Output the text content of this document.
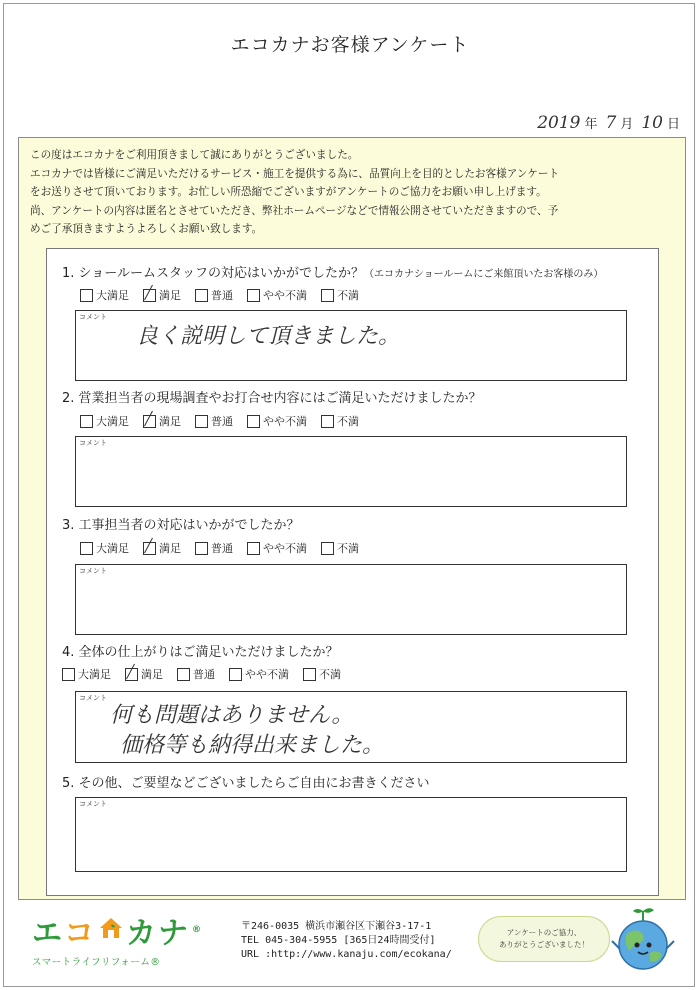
エコカナお客様アンケート
2019 年 7 月 10 日
この度はエコカナをご利用頂きまして誠にありがとうございました。
エコカナでは皆様にご満足いただけるサービス・施工を提供する為に、品質向上を目的としたお客様アンケート
をお送りさせて頂いております。お忙しい所恐縮でございますがアンケートのご協力をお願い申し上げます。
尚、アンケートの内容は匿名とさせていただき、弊社ホームページなどで情報公開させていただきますので、予
めご了承頂きますようよろしくお願い致します。
1. ショールームスタッフの対応はいかがでしたか？（エコカナショールームにご来館頂いたお客様のみ）
大満足	満足	普通	やや不満	不満
コメント
良く説明して頂きました。
2. 営業担当者の現場調査やお打合せ内容にはご満足いただけましたか？
大満足	満足	普通	やや不満	不満
コメント
3. 工事担当者の対応はいかがでしたか？
大満足	満足	普通	やや不満	不満
コメント
4. 全体の仕上がりはご満足いただけましたか？
大満足	満足	普通	やや不満	不満
コメント
何も問題はありません。
価格等も納得出来ました。
5. その他、ご要望などございましたらご自由にお書きください
コメント
エ コ カ ナ ®
スマートライフリフォーム®
〒246-0035 横浜市瀬谷区下瀬谷3-17-1
TEL 045-304-5955 [365日24時間受付]
URL :http://www.kanaju.com/ecokana/
アンケートのご協力、
ありがとうございました！
